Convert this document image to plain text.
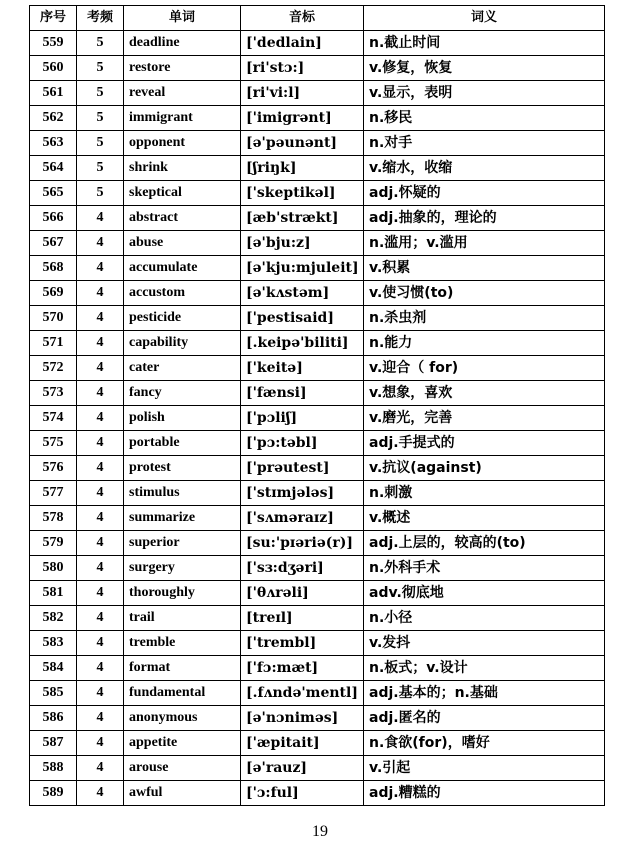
序号	考频	单词	音标	词义
559	5	deadline	['dedlain]	n.截止时间
560	5	restore	[ri'stɔ:]	v.修复，恢复
561	5	reveal	[ri'vi:l]	v.显示，表明
562	5	immigrant	['imigrənt]	n.移民
563	5	opponent	[ə'pəunənt]	n.对手
564	5	shrink	[ʃriŋk]	v.缩水，收缩
565	5	skeptical	['skeptikəl]	adj.怀疑的
566	4	abstract	[æb'strækt]	adj.抽象的，理论的
567	4	abuse	[ə'bju:z]	n.滥用；v.滥用
568	4	accumulate	[ə'kju:mjuleit]	v.积累
569	4	accustom	[ə'kʌstəm]	v.使习惯(to)
570	4	pesticide	['pestisaid]	n.杀虫剂
571	4	capability	[.keipə'biliti]	n.能力
572	4	cater	['keitə]	v.迎合（ for)
573	4	fancy	['fænsi]	v.想象，喜欢
574	4	polish	['pɔliʃ]	v.磨光，完善
575	4	portable	['pɔ:təbl]	adj.手提式的
576	4	protest	['prəutest]	v.抗议(against)
577	4	stimulus	['stɪmjələs]	n.刺激
578	4	summarize	['sʌməraɪz]	v.概述
579	4	superior	[su:'pɪəriə(r)]	adj.上层的，较高的(to)
580	4	surgery	['sɜ:dʒəri]	n.外科手术
581	4	thoroughly	['θʌrəli]	adv.彻底地
582	4	trail	[treɪl]	n.小径
583	4	tremble	['trembl]	v.发抖
584	4	format	['fɔ:mæt]	n.板式；v.设计
585	4	fundamental	[.fʌndə'mentl]	adj.基本的；n.基础
586	4	anonymous	[ə'nɔniməs]	adj.匿名的
587	4	appetite	['æpitait]	n.食欲(for)，嗜好
588	4	arouse	[ə'rauz]	v.引起
589	4	awful	['ɔ:ful]	adj.糟糕的
19
